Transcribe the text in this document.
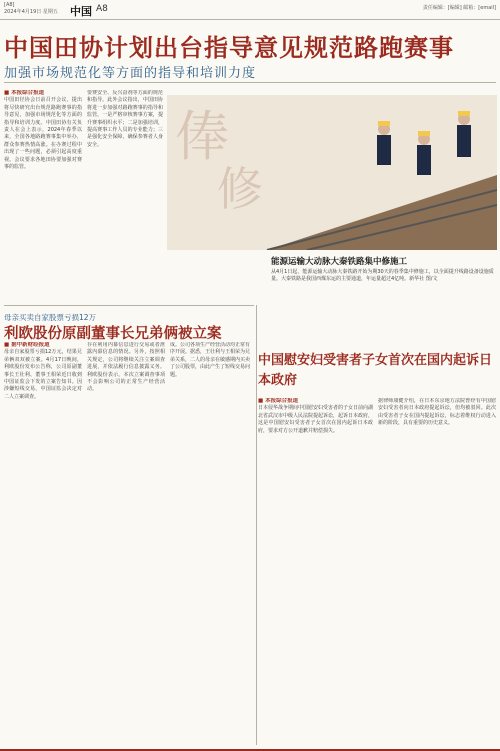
[A8]
2024年4月19日 星期五 中国 A8	责任编辑：[编辑] 邮箱：[email]
中国田协计划出台指导意见规范路跑赛事
加强市场规范化等方面的指导和培训力度
■ 本报综合报道
中国田径协会日前召开会议，提出将尽快研究出台规范路跑赛事的指导意见，加强市场规范化等方面的指导和培训力度。中国田协有关负责人在会上表示，2024年春季以来，全国各地路跑赛事集中举办，群众参赛热情高涨。在办赛过程中出现了一些问题，必须引起高度重视。会议要求各地田协要加强对赛事的监管。
要赛安全、反兴奋剂等方面的规范和指导。此外会议指出，中国田协将进一步加强对路跑赛事的指导和监管，一是严格审核赛事方案，提升赛事组织水平；二是加强培训，提高赛事工作人员的专业能力；三是强化安全保障，确保参赛者人身安全。	俸
修
能源运输大动脉大秦铁路集中修施工
从4月1日起，能源运输大动脉大秦铁路开始为期30天的春季集中修施工，以全面提升线路设备设施质量。大秦铁路是我国西煤东运的主要通道，年运量超过4亿吨。新华社 图/文
母亲买卖自家股票亏损12万
利欧股份原副董事长兄弟俩被立案
■ 据中新财经报道
母亲自家股票亏损12万元，结果兄弟俩双双被立案。4月17日晚间，利欧股份发布公告称，公司原副董事长王壮利、董事王相荣近日收到中国证监会下发的立案告知书。因涉嫌短线交易，中国证监会决定对二人立案调查。
存在利用内幕信息进行交易或者泄露内幕信息的情况。另外，按照相关规定，公司将继续关注立案调查进展，并依法履行信息披露义务。利欧股份表示，本次立案调查事项不会影响公司的正常生产经营活动。
成。公司各项生产经营活动均正常有序开展。据悉，王壮利与王相荣为兄弟关系，二人的母亲在敏感期内买卖了公司股票，由此产生了短线交易问题。
中国慰安妇受害者子女首次在国内起诉日本政府
■ 本报综合报道
日本侵华战争期间中国慰安妇受害者的子女日前向湖北省武汉市中级人民法院提起诉讼，起诉日本政府，这是中国慰安妇受害者子女首次在国内起诉日本政府，要求对方公开道歉并赔偿损失。
据律师康健介绍，在日本东京地方法院曾经有中国慰安妇受害者向日本政府提起诉讼，但均被驳回。此次由受害者子女在国内提起诉讼，标志着维权行动进入新的阶段，具有重要的历史意义。
